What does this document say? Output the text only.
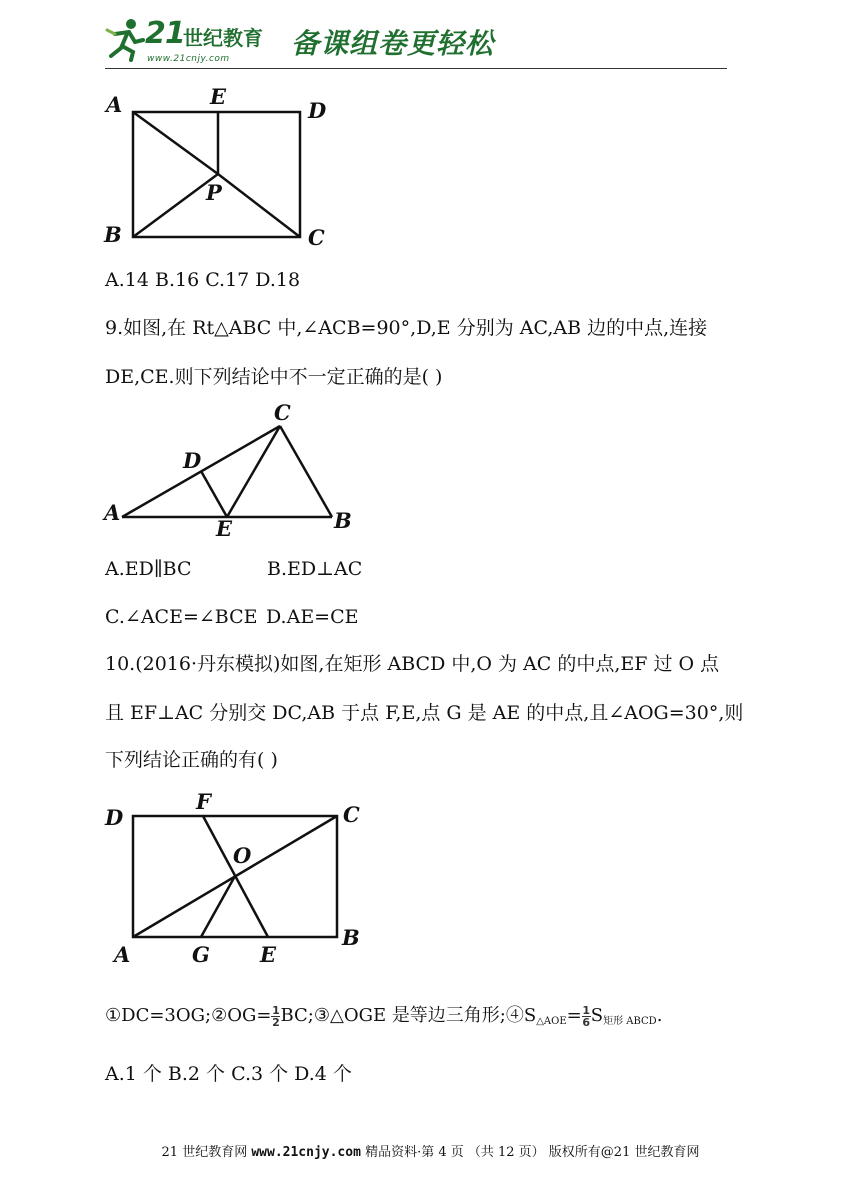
21
世纪教育
www.21cnjy.com 备课组卷更轻松
A	E
D
P
B	C
A.14 B.16 C.17 D.18
9.如图,在 Rt△ABC 中,∠ACB=90°,D,E 分别为 AC,AB 边的中点,连接
DE,CE.则下列结论中不一定正确的是( )
C
D
A
E	B
A.ED∥BC	B.ED⊥AC
C.∠ACE=∠BCE D.AE=CE
10.(2016·丹东模拟)如图,在矩形 ABCD 中,O 为 AC 的中点,EF 过 O 点
且 EF⊥AC 分别交 DC,AB 于点 F,E,点 G 是 AE 的中点,且∠AOG=30°,则
下列结论正确的有( )
D
F
C
O
A	G E
B
①DC=3OG;②OG= $\frac{1}{2}$ BC;③△OGE 是等边三角形$;④S_{\triangle AOE}= \frac{1}{6} S_{矩形 ABCD}$.
A.1 个 B.2 个 C.3 个 D.4 个
21 世纪教育网 www.21cnjy.com 精品资料·第 4 页 （共 12 页） 版权所有@21 世纪教育网
